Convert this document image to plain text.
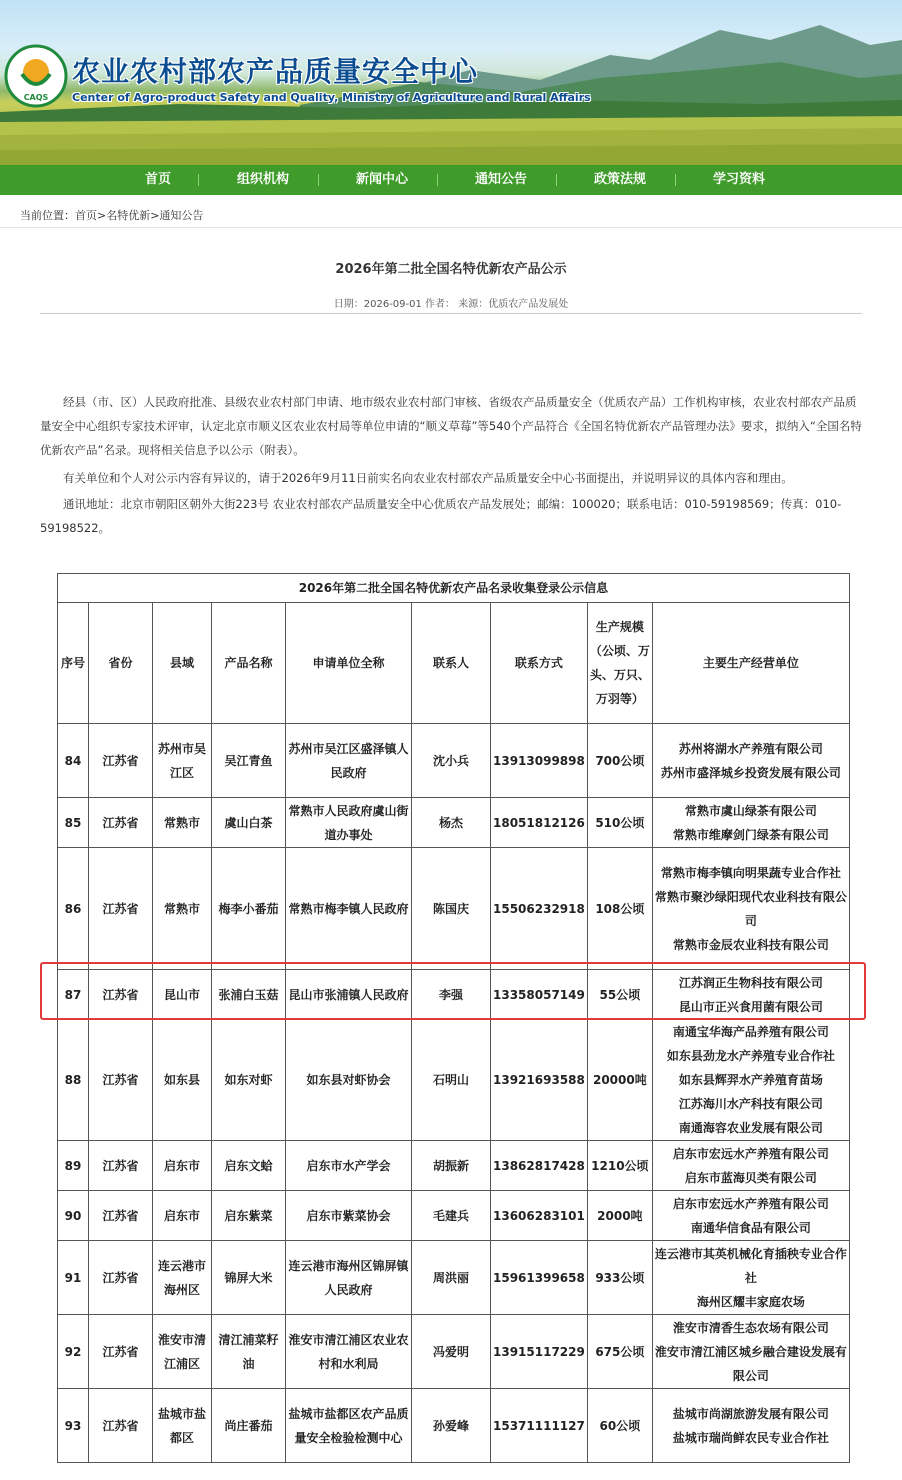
CAQS
农业农村部农产品质量安全中心
Center of Agro-product Safety and Quality, Ministry of Agriculture and Rural Affairs
首页	组织机构	新闻中心	通知公告	政策法规	学习资料
当前位置：首页>名特优新>通知公告
2026年第二批全国名特优新农产品公示
日期：2026-09-01 作者： 来源：优质农产品发展处
经县（市、区）人民政府批准、县级农业农村部门申请、地市级农业农村部门审核、省级农产品质量安全（优质农产品）工作机构审核，农业农村部农产品质量安全中心组织专家技术评审，认定北京市顺义区农业农村局等单位申请的“顺义草莓”等540个产品符合《全国名特优新农产品管理办法》要求，拟纳入“全国名特优新农产品”名录。现将相关信息予以公示（附表）。
有关单位和个人对公示内容有异议的，请于2026年9月11日前实名向农业农村部农产品质量安全中心书面提出，并说明异议的具体内容和理由。
通讯地址：北京市朝阳区朝外大街223号 农业农村部农产品质量安全中心优质农产品发展处；邮编：100020；联系电话：010-59198569；传真：010-59198522。
2026年第二批全国名特优新农产品名录收集登录公示信息								
序号	省份	县域	产品名称	申请单位全称	联系人	联系方式	生产规模（公顷、万头、万只、万羽等）	主要生产经营单位
84	江苏省	苏州市吴江区	吴江青鱼	苏州市吴江区盛泽镇人民政府	沈小兵	13913099898	700公顷	苏州将湖水产养殖有限公司
苏州市盛泽城乡投资发展有限公司

85	江苏省	常熟市	虞山白茶	常熟市人民政府虞山街道办事处	杨杰	18051812126	510公顷	常熟市虞山绿茶有限公司
常熟市维摩剑门绿茶有限公司

86	江苏省	常熟市	梅李小番茄	常熟市梅李镇人民政府	陈国庆	15506232918	108公顷	常熟市梅李镇向明果蔬专业合作社
常熟市聚沙绿阳现代农业科技有限公司
常熟市金辰农业科技有限公司

87	江苏省	昆山市	张浦白玉菇	昆山市张浦镇人民政府	李强	13358057149	55公顷	江苏润正生物科技有限公司
昆山市正兴食用菌有限公司

88	江苏省	如东县	如东对虾	如东县对虾协会	石明山	13921693588	20000吨	南通宝华海产品养殖有限公司
如东县劲龙水产养殖专业合作社
如东县辉羿水产养殖育苗场
江苏海川水产科技有限公司
南通海容农业发展有限公司

89	江苏省	启东市	启东文蛤	启东市水产学会	胡振新	13862817428	1210公顷	启东市宏远水产养殖有限公司
启东市蓝海贝类有限公司

90	江苏省	启东市	启东紫菜	启东市紫菜协会	毛建兵	13606283101	2000吨	启东市宏远水产养殖有限公司
南通华信食品有限公司

91	江苏省	连云港市海州区	锦屏大米	连云港市海州区锦屏镇人民政府	周洪丽	15961399658	933公顷	连云港市其英机械化育插秧专业合作社
海州区耀丰家庭农场

92	江苏省	淮安市清江浦区	清江浦菜籽油	淮安市清江浦区农业农村和水利局	冯爱明	13915117229	675公顷	淮安市清香生态农场有限公司
淮安市清江浦区城乡融合建设发展有限公司

93	江苏省	盐城市盐都区	尚庄番茄	盐城市盐都区农产品质量安全检验检测中心	孙爱峰	15371111127	60公顷	盐城市尚湖旅游发展有限公司
盐城市瑞尚鲜农民专业合作社
